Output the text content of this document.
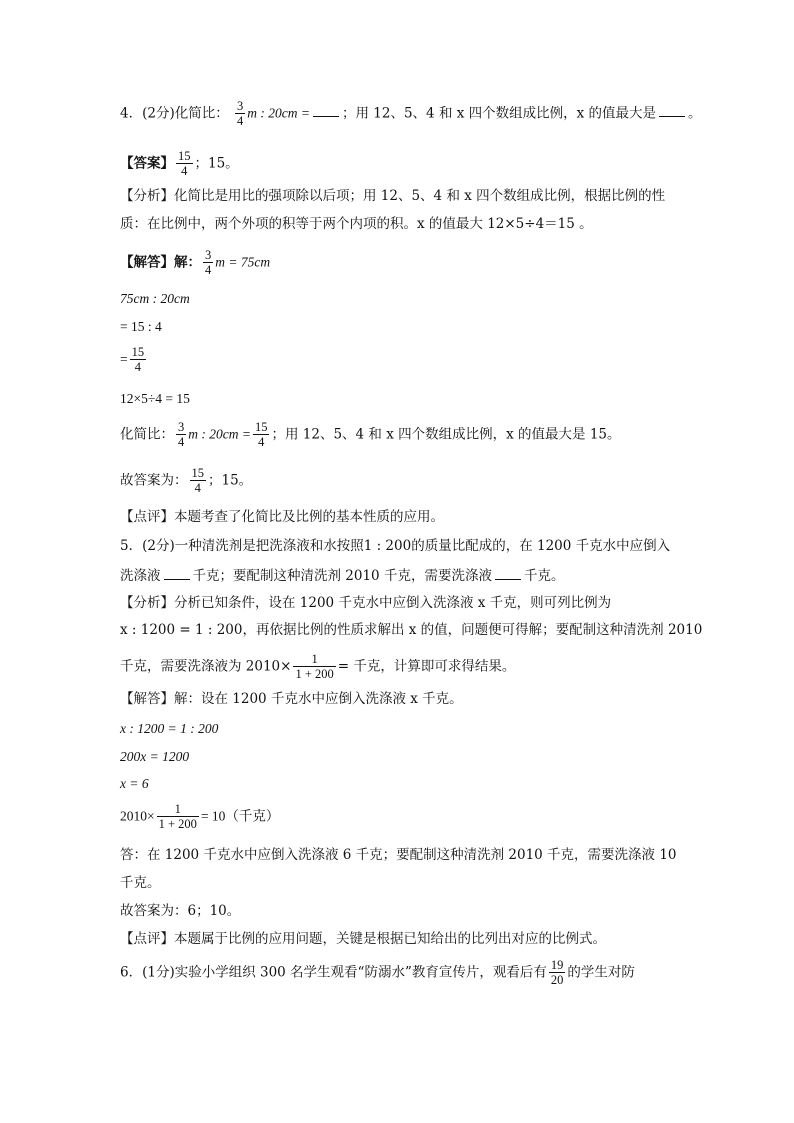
4．(2分)化简比： $\frac{3}{4}$ m : 20cm = ；用 12、5、4 和 x 四个数组成比例，x 的值最大是 。
【答案】 $\frac{15}{4}$ ；15。
【分析】化简比是用比的强项除以后项；用 12、5、4 和 x 四个数组成比例，根据比例的性
质：在比例中，两个外项的积等于两个内项的积。x 的值最大 12×5÷4＝15 。
【解答】解： $\frac{3}{4}$ m = 75cm
75cm : 20cm
= 15 : 4
= $\frac{15}{4}$
12×5÷4 = 15
化简比： $\frac{3}{4}$ m : $20cm = \frac{15}{4}$ ；用 12、5、4 和 x 四个数组成比例，x 的值最大是 15。
故答案为： $\frac{15}{4}$ ；15。
【点评】本题考查了化简比及比例的基本性质的应用。
5．(2分)一种清洗剂是把洗涤液和水按照1 : 200的质量比配成的，在 1200 千克水中应倒入
洗涤液 千克；要配制这种清洗剂 2010 千克，需要洗涤液 千克。
【分析】分析已知条件，设在 1200 千克水中应倒入洗涤液 x 千克，则可列比例为
x : 1200 = 1 : 200，再依据比例的性质求解出 x 的值，问题便可得解；要配制这种清洗剂 2010
千克，需要洗涤液为 $2010\times \frac{1}{1 + 200}$ = 千克，计算即可求得结果。
【解答】解：设在 1200 千克水中应倒入洗涤液 x 千克。
x : 1200 = 1 : 200
200x = 1200
x = 6
$2010\times \frac{1}{1 + 200} = 10$（千克）
答：在 1200 千克水中应倒入洗涤液 6 千克；要配制这种清洗剂 2010 千克，需要洗涤液 10
千克。
故答案为：6；10。
【点评】本题属于比例的应用问题，关键是根据已知给出的比列出对应的比例式。
6．(1分)实验小学组织 300 名学生观看“防溺水”教育宣传片，观看后有 $\frac{19}{20}$ 的学生对防
